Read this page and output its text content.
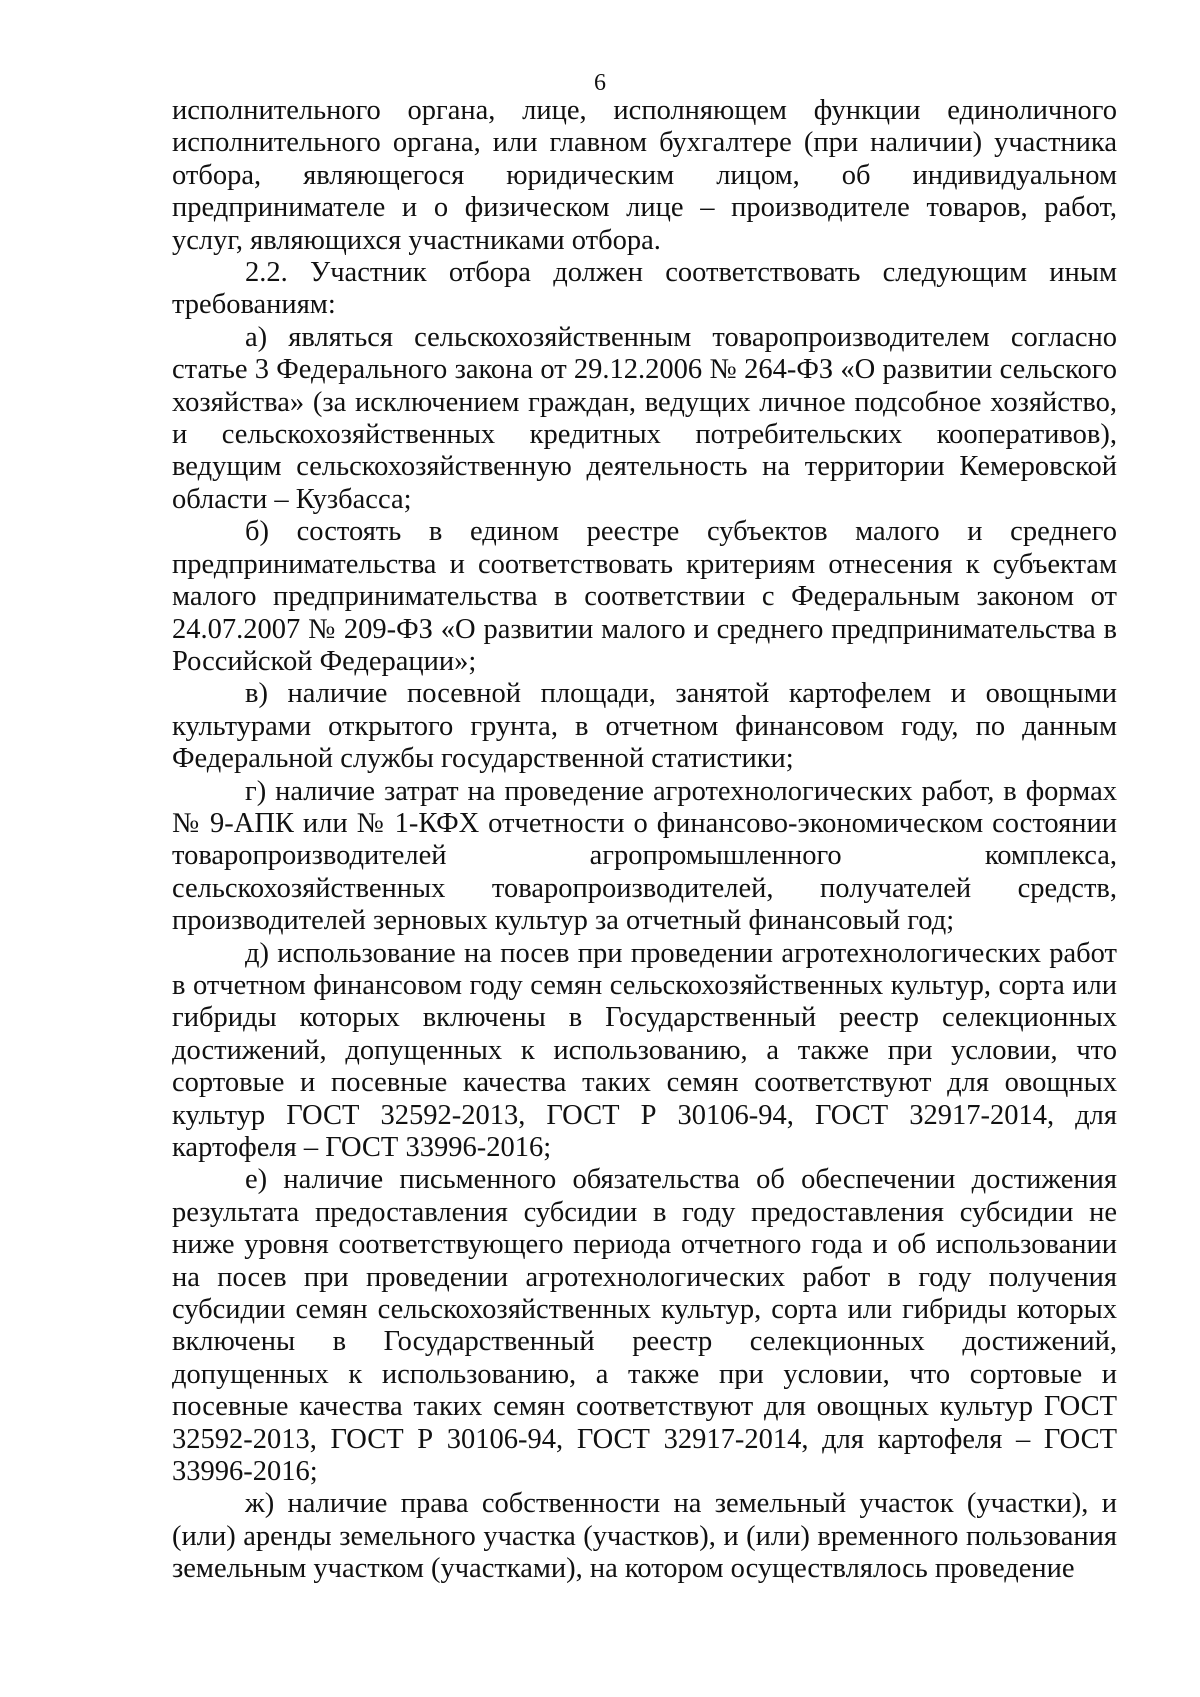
6

исполнительного органа, лице, исполняющем функции единоличного исполнительного органа, или главном бухгалтере (при наличии) участника отбора, являющегося юридическим лицом, об индивидуальном предпринимателе и о физическом лице – производителе товаров, работ, услуг, являющихся участниками отбора.

2.2. Участник отбора должен соответствовать следующим иным требованиям:

а) являться сельскохозяйственным товаропроизводителем согласно статье 3 Федерального закона от 29.12.2006 № 264-ФЗ «О развитии сельского хозяйства» (за исключением граждан, ведущих личное подсобное хозяйство, и сельскохозяйственных кредитных потребительских кооперативов), ведущим сельскохозяйственную деятельность на территории Кемеровской области – Кузбасса;

б) состоять в едином реестре субъектов малого и среднего предпринимательства и соответствовать критериям отнесения к субъектам малого предпринимательства в соответствии с Федеральным законом от 24.07.2007 № 209-ФЗ «О развитии малого и среднего предпринимательства в Российской Федерации»;

в) наличие посевной площади, занятой картофелем и овощными культурами открытого грунта, в отчетном финансовом году, по данным Федеральной службы государственной статистики;

г) наличие затрат на проведение агротехнологических работ, в формах № 9-АПК или № 1-КФХ отчетности о финансово-экономическом состоянии товаропроизводителей агропромышленного комплекса, сельскохозяйственных товаропроизводителей, получателей средств, производителей зерновых культур за отчетный финансовый год;

д) использование на посев при проведении агротехнологических работ в отчетном финансовом году семян сельскохозяйственных культур, сорта или гибриды которых включены в Государственный реестр селекционных достижений, допущенных к использованию, а также при условии, что сортовые и посевные качества таких семян соответствуют для овощных культур ГОСТ 32592-2013, ГОСТ Р 30106-94, ГОСТ 32917-2014, для картофеля – ГОСТ 33996-2016;

е) наличие письменного обязательства об обеспечении достижения результата предоставления субсидии в году предоставления субсидии не ниже уровня соответствующего периода отчетного года и об использовании на посев при проведении агротехнологических работ в году получения субсидии семян сельскохозяйственных культур, сорта или гибриды которых включены в Государственный реестр селекционных достижений, допущенных к использованию, а также при условии, что сортовые и посевные качества таких семян соответствуют для овощных культур ГОСТ 32592-2013, ГОСТ Р 30106-94, ГОСТ 32917-2014, для картофеля – ГОСТ 33996-2016;

ж) наличие права собственности на земельный участок (участки), и (или) аренды земельного участка (участков), и (или) временного пользования земельным участком (участками), на котором осуществлялось проведение
